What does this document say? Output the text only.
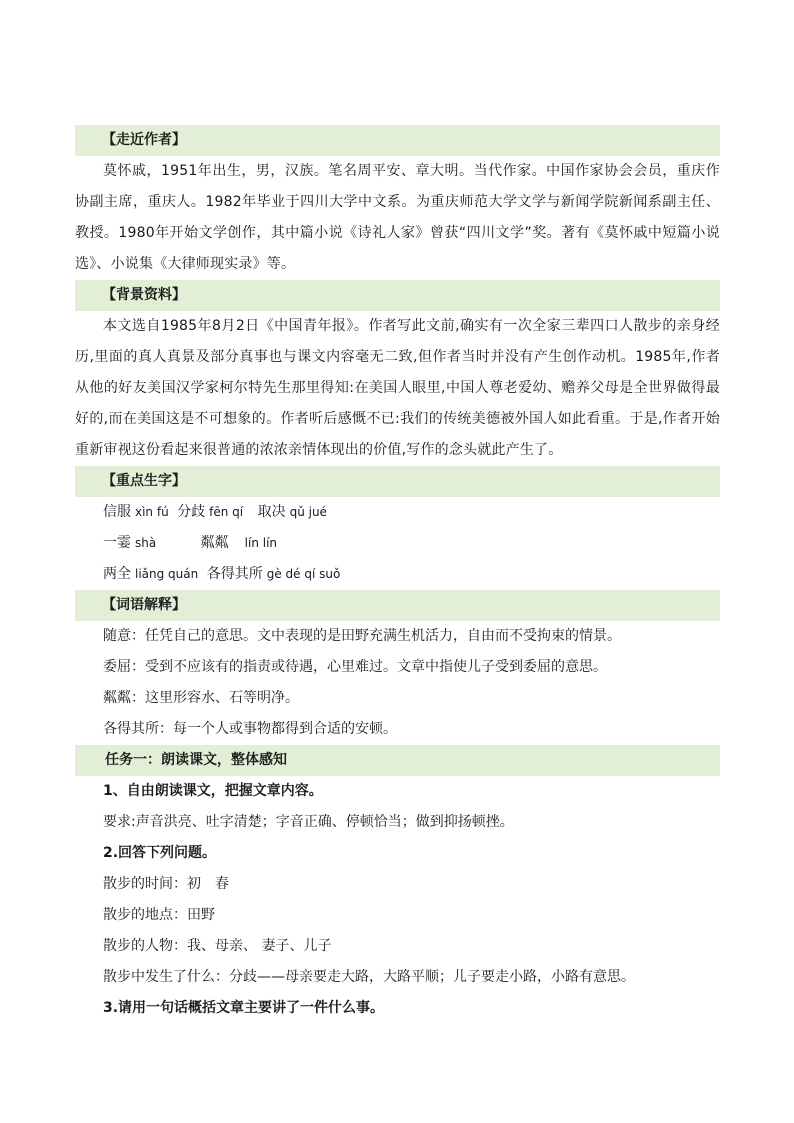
【走近作者】

莫怀戚，1951年出生，男，汉族。笔名周平安、章大明。当代作家。中国作家协会会员，重庆作协副主席，重庆人。1982年毕业于四川大学中文系。为重庆师范大学文学与新闻学院新闻系副主任、教授。1980年开始文学创作，其中篇小说《诗礼人家》曾获“四川文学”奖。著有《莫怀戚中短篇小说选》、小说集《大律师现实录》等。

【背景资料】

本文选自1985年8月2日《中国青年报》。作者写此文前,确实有一次全家三辈四口人散步的亲身经历,里面的真人真景及部分真事也与课文内容毫无二致,但作者当时并没有产生创作动机。1985年,作者从他的好友美国汉学家柯尔特先生那里得知:在美国人眼里,中国人尊老爱幼、赡养父母是全世界做得最好的,而在美国这是不可想象的。作者听后感慨不已:我们的传统美德被外国人如此看重。于是,作者开始重新审视这份看起来很普通的浓浓亲情体现出的价值,写作的念头就此产生了。

【重点生字】
信服 xìn fú 分歧 fēn qí 取决 qǔ jué
一霎 shà	粼粼 lín lín
两全 liǎng quán 各得其所 gè dé qí suǒ
【词语解释】
随意：任凭自己的意思。文中表现的是田野充满生机活力，自由而不受拘束的情景。
委屈：受到不应该有的指责或待遇，心里难过。文章中指使儿子受到委屈的意思。
粼粼：这里形容水、石等明净。
各得其所：每一个人或事物都得到合适的安顿。
任务一：朗读课文，整体感知
1、自由朗读课文，把握文章内容。
要求:声音洪亮、吐字清楚；字音正确、停顿恰当；做到抑扬顿挫。
2.回答下列问题。
散步的时间：初　春
散步的地点：田野
散步的人物：我、母亲、 妻子、儿子
散步中发生了什么：分歧——母亲要走大路，大路平顺；儿子要走小路，小路有意思。
3.请用一句话概括文章主要讲了一件什么事。
